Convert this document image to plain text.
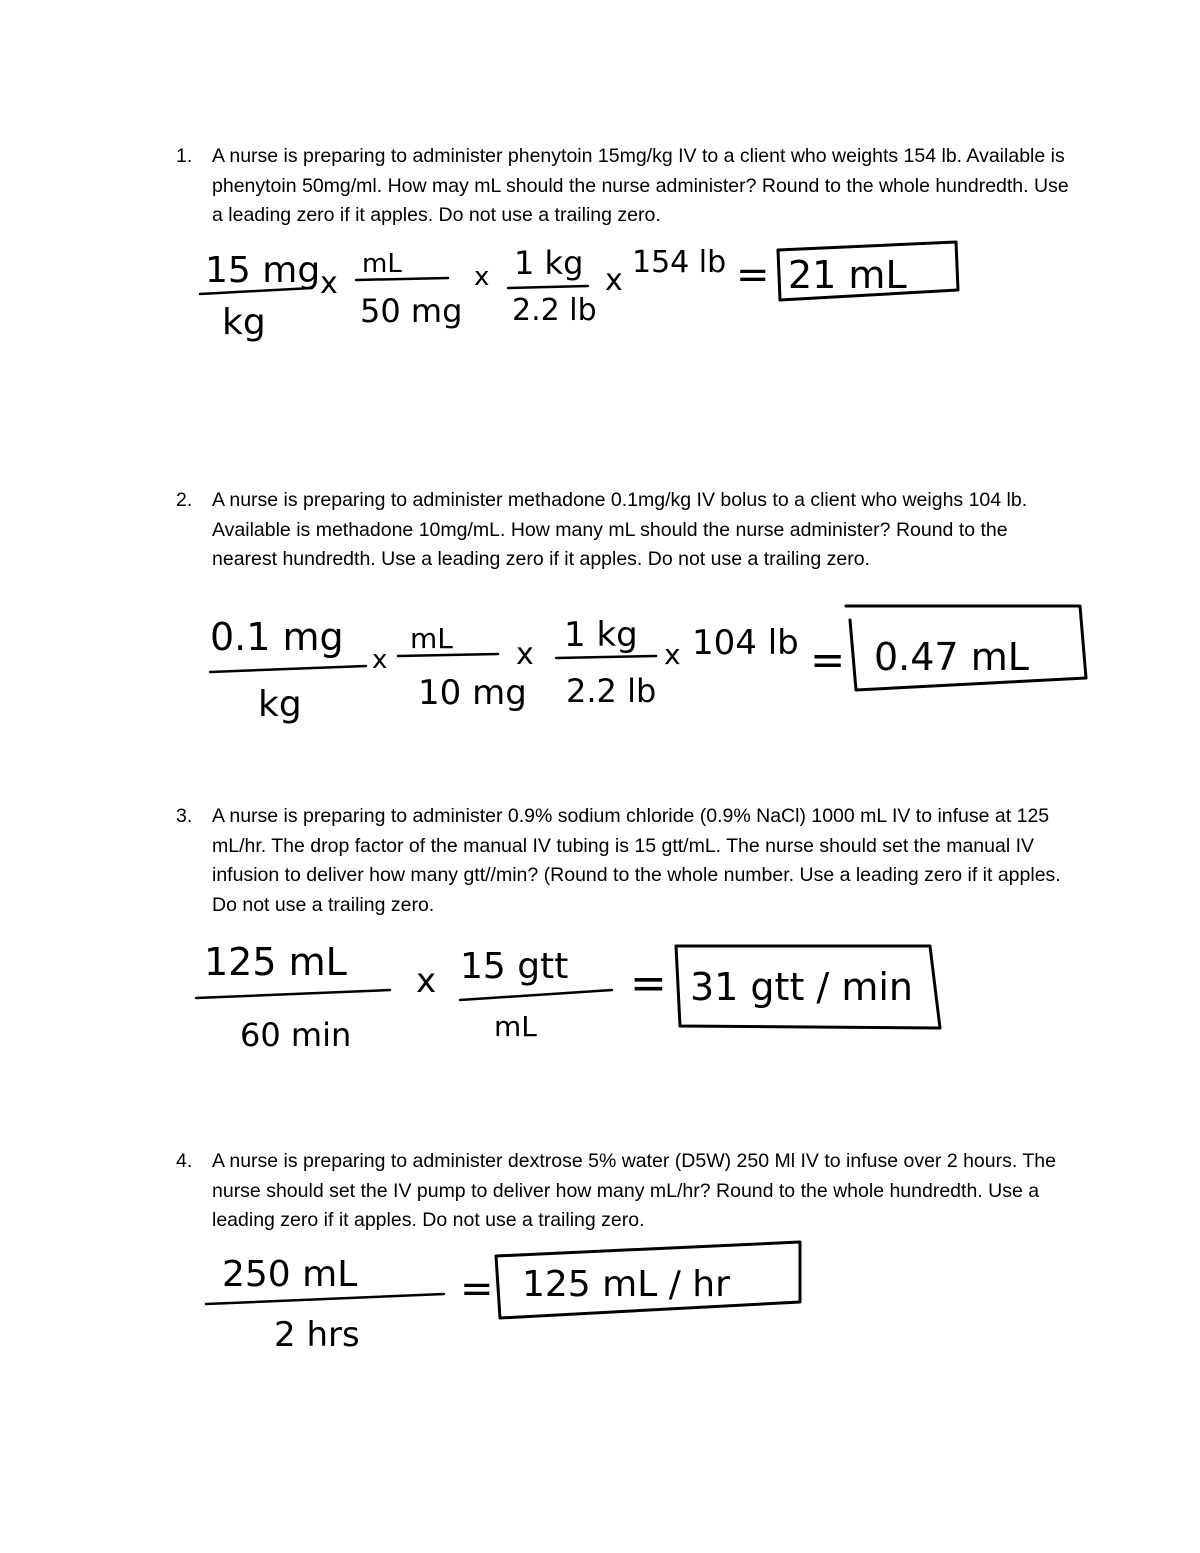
1. A nurse is preparing to administer phenytoin 15mg/kg IV to a client who weights 154 lb. Available is phenytoin 50mg/ml. How may mL should the nurse administer? Round to the whole hundredth. Use a leading zero if it apples. Do not use a trailing zero.
2. A nurse is preparing to administer methadone 0.1mg/kg IV bolus to a client who weighs 104 lb. Available is methadone 10mg/mL. How many mL should the nurse administer? Round to the nearest hundredth. Use a leading zero if it apples. Do not use a trailing zero.
3. A nurse is preparing to administer 0.9% sodium chloride (0.9% NaCl) 1000 mL IV to infuse at 125 mL/hr. The drop factor of the manual IV tubing is 15 gtt/mL. The nurse should set the manual IV infusion to deliver how many gtt//min? (Round to the whole number. Use a leading zero if it apples. Do not use a trailing zero.
4. A nurse is preparing to administer dextrose 5% water (D5W) 250 Ml IV to infuse over 2 hours. The nurse should set the IV pump to deliver how many mL/hr? Round to the whole hundredth. Use a leading zero if it apples. Do not use a trailing zero.
15 mg
kg
x
mL
50 mg
x 1 kg
2.2 lb
x
154 lb = 21 mL
0.1 mg
kg
x
mL
10 mg
x 1 kg
2.2 lb
x 104 lb = 0.47 mL
125 mL
60 min
x 15 gtt
mL
= 31 gtt / min
250 mL
2 hrs
= 125 mL / hr
